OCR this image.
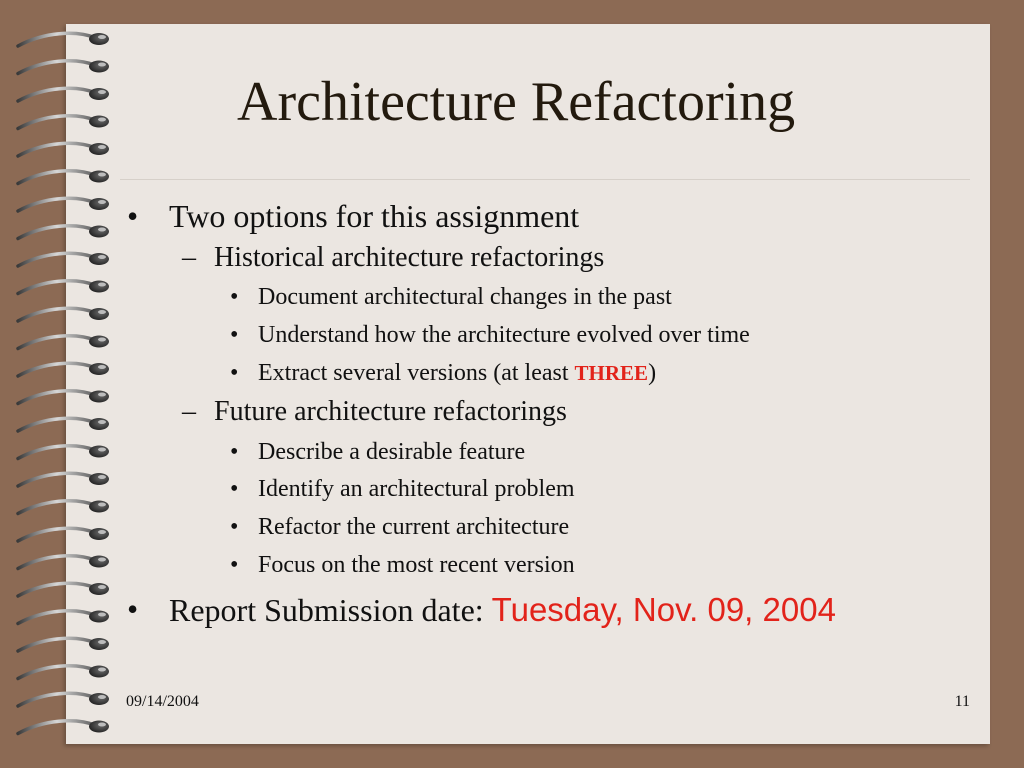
Architecture Refactoring
• Two options for this assignment
– Historical architecture refactorings
• Document architectural changes in the past
• Understand how the architecture evolved over time
• Extract several versions (at least THREE)
– Future architecture refactorings
• Describe a desirable feature
• Identify an architectural problem
• Refactor the current architecture
• Focus on the most recent version
• Report Submission date: Tuesday, Nov. 09, 2004
09/14/2004	11
